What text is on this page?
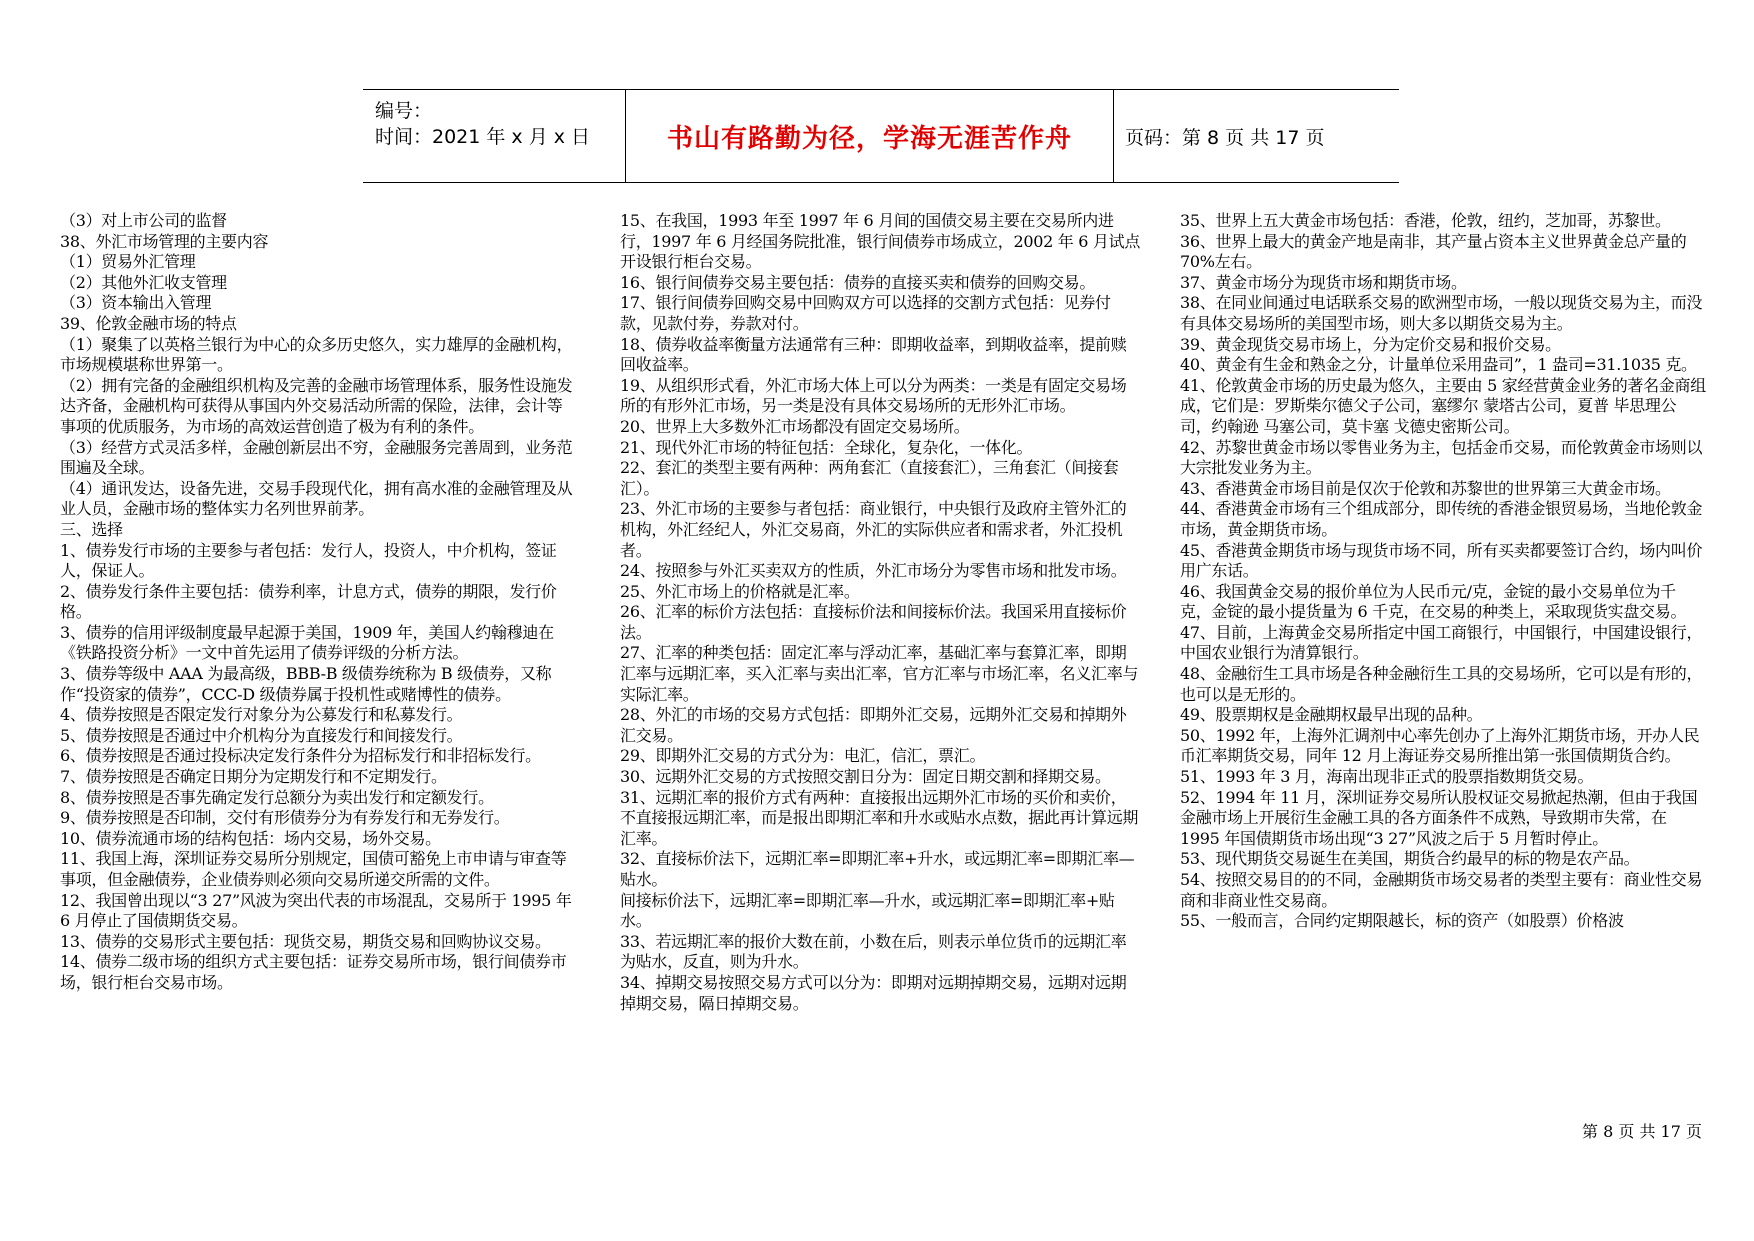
编号：
时间：2021 年 x 月 x 日	书山有路勤为径，学海无涯苦作舟	页码：第 8 页 共 17 页

（3）对上市公司的监督

38、外汇市场管理的主要内容

（1）贸易外汇管理

（2）其他外汇收支管理

（3）资本输出入管理

39、伦敦金融市场的特点

（1）聚集了以英格兰银行为中心的众多历史悠久，实力雄厚的金融机构，市场规模堪称世界第一。

（2）拥有完备的金融组织机构及完善的金融市场管理体系，服务性设施发达齐备，金融机构可获得从事国内外交易活动所需的保险，法律，会计等事项的优质服务，为市场的高效运营创造了极为有利的条件。

（3）经营方式灵活多样，金融创新层出不穷，金融服务完善周到，业务范围遍及全球。

（4）通讯发达，设备先进，交易手段现代化，拥有高水准的金融管理及从业人员，金融市场的整体实力名列世界前茅。

三、选择

1、债券发行市场的主要参与者包括：发行人，投资人，中介机构，签证人，保证人。

2、债券发行条件主要包括：债券利率，计息方式，债券的期限，发行价格。

3、债券的信用评级制度最早起源于美国，1909 年，美国人约翰穆迪在《铁路投资分析》一文中首先运用了债券评级的分析方法。

3、债券等级中 AAA 为最高级，BBB-B 级债券统称为 B 级债券，又称作“投资家的债券”，CCC-D 级债券属于投机性或赌博性的债券。

4、债券按照是否限定发行对象分为公募发行和私募发行。

5、债券按照是否通过中介机构分为直接发行和间接发行。

6、债券按照是否通过投标决定发行条件分为招标发行和非招标发行。

7、债券按照是否确定日期分为定期发行和不定期发行。

8、债券按照是否事先确定发行总额分为卖出发行和定额发行。

9、债券按照是否印制，交付有形债券分为有券发行和无券发行。

10、债券流通市场的结构包括：场内交易，场外交易。

11、我国上海，深圳证券交易所分别规定，国债可豁免上市申请与审查等事项，但金融债券，企业债券则必须向交易所递交所需的文件。

12、我国曾出现以“3 27”风波为突出代表的市场混乱，交易所于 1995 年 6 月停止了国债期货交易。

13、债券的交易形式主要包括：现货交易，期货交易和回购协议交易。

14、债券二级市场的组织方式主要包括：证券交易所市场，银行间债券市场，银行柜台交易市场。

15、在我国，1993 年至 1997 年 6 月间的国债交易主要在交易所内进行，1997 年 6 月经国务院批准，银行间债券市场成立，2002 年 6 月试点开设银行柜台交易。

16、银行间债券交易主要包括：债券的直接买卖和债券的回购交易。

17、银行间债券回购交易中回购双方可以选择的交割方式包括：见券付款，见款付券，券款对付。

18、债券收益率衡量方法通常有三种：即期收益率，到期收益率，提前赎回收益率。

19、从组织形式看，外汇市场大体上可以分为两类：一类是有固定交易场所的有形外汇市场，另一类是没有具体交易场所的无形外汇市场。

20、世界上大多数外汇市场都没有固定交易场所。

21、现代外汇市场的特征包括：全球化，复杂化，一体化。

22、套汇的类型主要有两种：两角套汇（直接套汇），三角套汇（间接套汇）。

23、外汇市场的主要参与者包括：商业银行，中央银行及政府主管外汇的机构，外汇经纪人，外汇交易商，外汇的实际供应者和需求者，外汇投机者。

24、按照参与外汇买卖双方的性质，外汇市场分为零售市场和批发市场。

25、外汇市场上的价格就是汇率。

26、汇率的标价方法包括：直接标价法和间接标价法。我国采用直接标价法。

27、汇率的种类包括：固定汇率与浮动汇率，基础汇率与套算汇率，即期汇率与远期汇率，买入汇率与卖出汇率，官方汇率与市场汇率，名义汇率与实际汇率。

28、外汇的市场的交易方式包括：即期外汇交易，远期外汇交易和掉期外汇交易。

29、即期外汇交易的方式分为：电汇，信汇，票汇。

30、远期外汇交易的方式按照交割日分为：固定日期交割和择期交易。

31、远期汇率的报价方式有两种：直接报出远期外汇市场的买价和卖价，不直接报远期汇率，而是报出即期汇率和升水或贴水点数，据此再计算远期汇率。

32、直接标价法下，远期汇率=即期汇率+升水，或远期汇率=即期汇率—贴水。

间接标价法下，远期汇率=即期汇率—升水，或远期汇率=即期汇率+贴水。

33、若远期汇率的报价大数在前，小数在后，则表示单位货币的远期汇率为贴水，反直，则为升水。

34、掉期交易按照交易方式可以分为：即期对远期掉期交易，远期对远期掉期交易，隔日掉期交易。

35、世界上五大黄金市场包括：香港，伦敦，纽约，芝加哥，苏黎世。

36、世界上最大的黄金产地是南非，其产量占资本主义世界黄金总产量的 70%左右。

37、黄金市场分为现货市场和期货市场。

38、在同业间通过电话联系交易的欧洲型市场，一般以现货交易为主，而没有具体交易场所的美国型市场，则大多以期货交易为主。

39、黄金现货交易市场上，分为定价交易和报价交易。

40、黄金有生金和熟金之分，计量单位采用盎司”，1 盎司=31.1035 克。

41、伦敦黄金市场的历史最为悠久，主要由 5 家经营黄金业务的著名金商组成，它们是：罗斯柴尔德父子公司，塞缪尔 蒙塔古公司，夏普 毕思理公司，约翰逊 马塞公司，莫卡塞 戈德史密斯公司。

42、苏黎世黄金市场以零售业务为主，包括金币交易，而伦敦黄金市场则以大宗批发业务为主。

43、香港黄金市场目前是仅次于伦敦和苏黎世的世界第三大黄金市场。

44、香港黄金市场有三个组成部分，即传统的香港金银贸易场，当地伦敦金市场，黄金期货市场。

45、香港黄金期货市场与现货市场不同，所有买卖都要签订合约，场内叫价用广东话。

46、我国黄金交易的报价单位为人民币元/克，金锭的最小交易单位为千克，金锭的最小提货量为 6 千克，在交易的种类上，采取现货实盘交易。

47、目前，上海黄金交易所指定中国工商银行，中国银行，中国建设银行，中国农业银行为清算银行。

48、金融衍生工具市场是各种金融衍生工具的交易场所，它可以是有形的，也可以是无形的。

49、股票期权是金融期权最早出现的品种。

50、1992 年，上海外汇调剂中心率先创办了上海外汇期货市场，开办人民币汇率期货交易，同年 12 月上海证券交易所推出第一张国债期货合约。

51、1993 年 3 月，海南出现非正式的股票指数期货交易。

52、1994 年 11 月，深圳证券交易所认股权证交易掀起热潮，但由于我国金融市场上开展衍生金融工具的各方面条件不成熟，导致期市失常，在 1995 年国债期货市场出现“3 27”风波之后于 5 月暂时停止。

53、现代期货交易诞生在美国，期货合约最早的标的物是农产品。

54、按照交易目的的不同，金融期货市场交易者的类型主要有：商业性交易商和非商业性交易商。

55、一般而言，合同约定期限越长，标的资产（如股票）价格波

第 8 页 共 17 页
